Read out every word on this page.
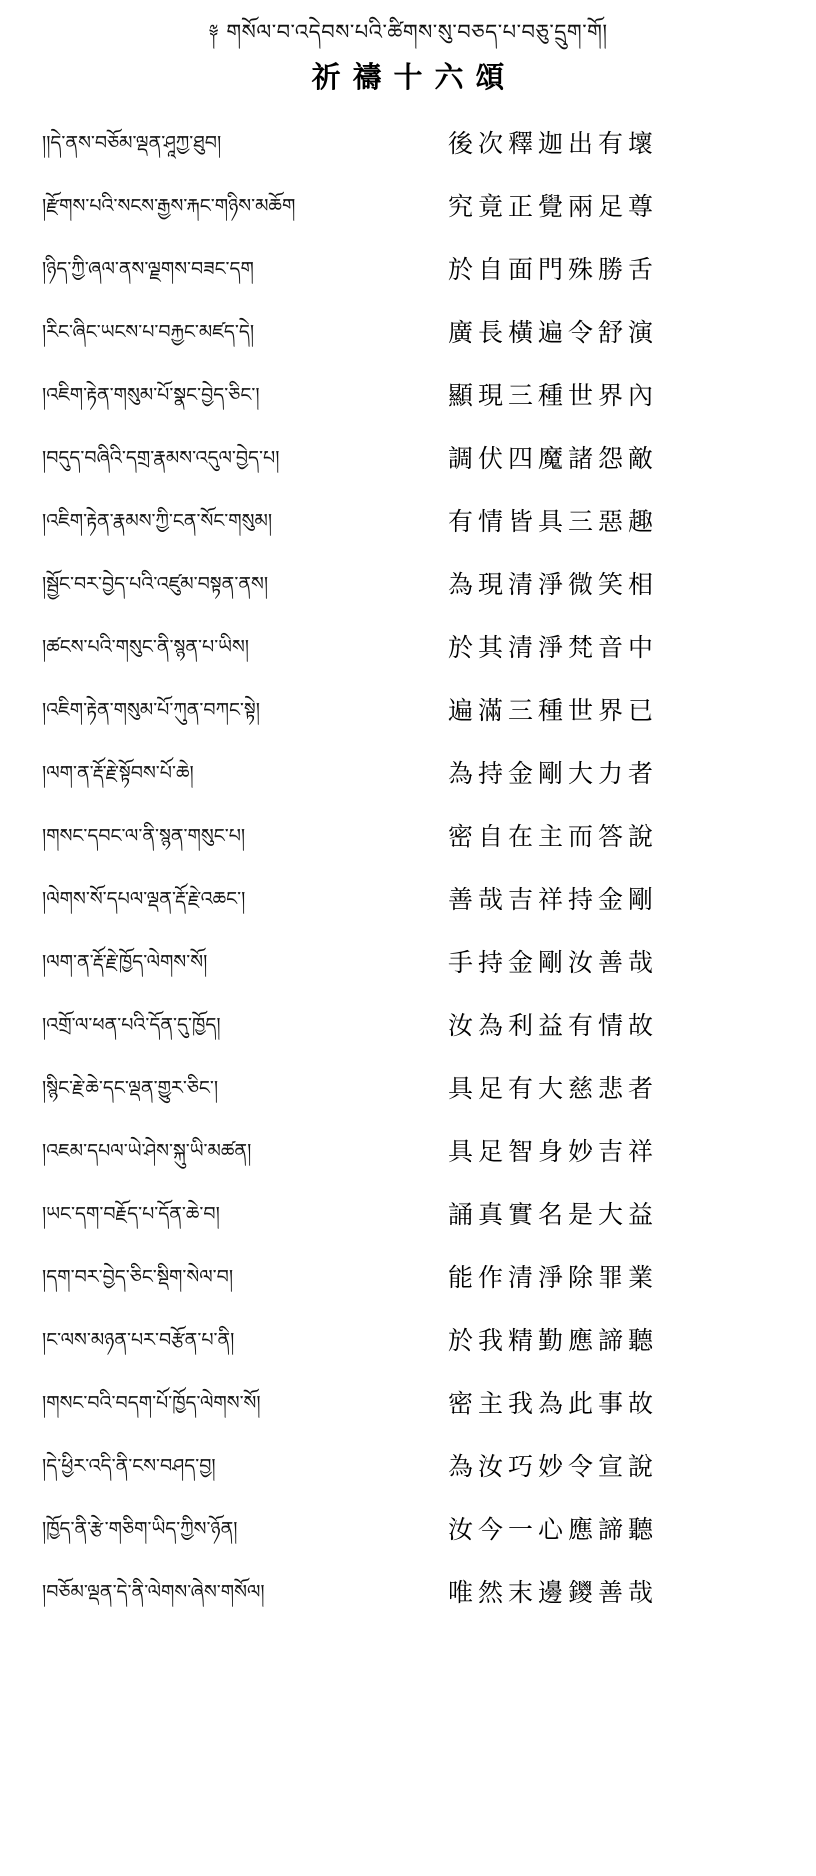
༈ གསོལ་བ་འདེབས་པའི་ཚིགས་སུ་བཅད་པ་བཅུ་དྲུག་གོ།
祈禱十六頌
།།དེ་ནས་བཅོམ་ལྡན་ཤཱཀྱ་ཐུབ།	後次釋迦出有壞
།རྫོགས་པའི་སངས་རྒྱས་རྐང་གཉིས་མཆོག	究竟正覺兩足尊
།ཉིད་ཀྱི་ཞལ་ནས་ལྗགས་བཟང་དག	於自面門殊勝舌
།རིང་ཞིང་ཡངས་པ་བརྐྱང་མཛད་དེ།	廣長橫遍令舒演
།འཇིག་རྟེན་གསུམ་པོ་སྣང་བྱེད་ཅིང་།	顯現三種世界內
།བདུད་བཞིའི་དགྲ་རྣམས་འདུལ་བྱེད་པ།	調伏四魔諸怨敵
།འཇིག་རྟེན་རྣམས་ཀྱི་ངན་སོང་གསུམ།	有情皆具三惡趣
།སྦྱོང་བར་བྱེད་པའི་འཛུམ་བསྟན་ནས།	為現清淨微笑相
།ཚངས་པའི་གསུང་ནི་སྙན་པ་ཡིས།	於其清淨梵音中
།འཇིག་རྟེན་གསུམ་པོ་ཀུན་བཀང་སྟེ།	遍滿三種世界已
།ལག་ན་རྡོ་རྗེ་སྟོབས་པོ་ཆེ།	為持金剛大力者
།གསང་དབང་ལ་ནི་སྙན་གསུང་པ།	密自在主而答說
།ལེགས་སོ་དཔལ་ལྡན་རྡོ་རྗེ་འཆང་།	善哉吉祥持金剛
།ལག་ན་རྡོ་རྗེ་ཁྱོད་ལེགས་སོ།	手持金剛汝善哉
།འགྲོ་ལ་ཕན་པའི་དོན་དུ་ཁྱོད།	汝為利益有情故
།སྙིང་རྗེ་ཆེ་དང་ལྡན་གྱུར་ཅིང་།	具足有大慈悲者
།འཇམ་དཔལ་ཡེ་ཤེས་སྐུ་ཡི་མཚན།	具足智身妙吉祥
།ཡང་དག་བརྗོད་པ་དོན་ཆེ་བ།	誦真實名是大益
།དག་བར་བྱེད་ཅིང་སྡིག་སེལ་བ།	能作清淨除罪業
།ང་ལས་མཉན་པར་བརྩོན་པ་ནི།	於我精勤應諦聽
།གསང་བའི་བདག་པོ་ཁྱོད་ལེགས་སོ།	密主我為此事故
།དེ་ཕྱིར་འདི་ནི་ངས་བཤད་བྱ།	為汝巧妙令宣說
།ཁྱོད་ནི་རྩེ་གཅིག་ཡིད་ཀྱིས་ཉོན།	汝今一心應諦聽
།བཅོམ་ལྡན་དེ་ནི་ལེགས་ཞེས་གསོལ།	唯然末邊鑁善哉
